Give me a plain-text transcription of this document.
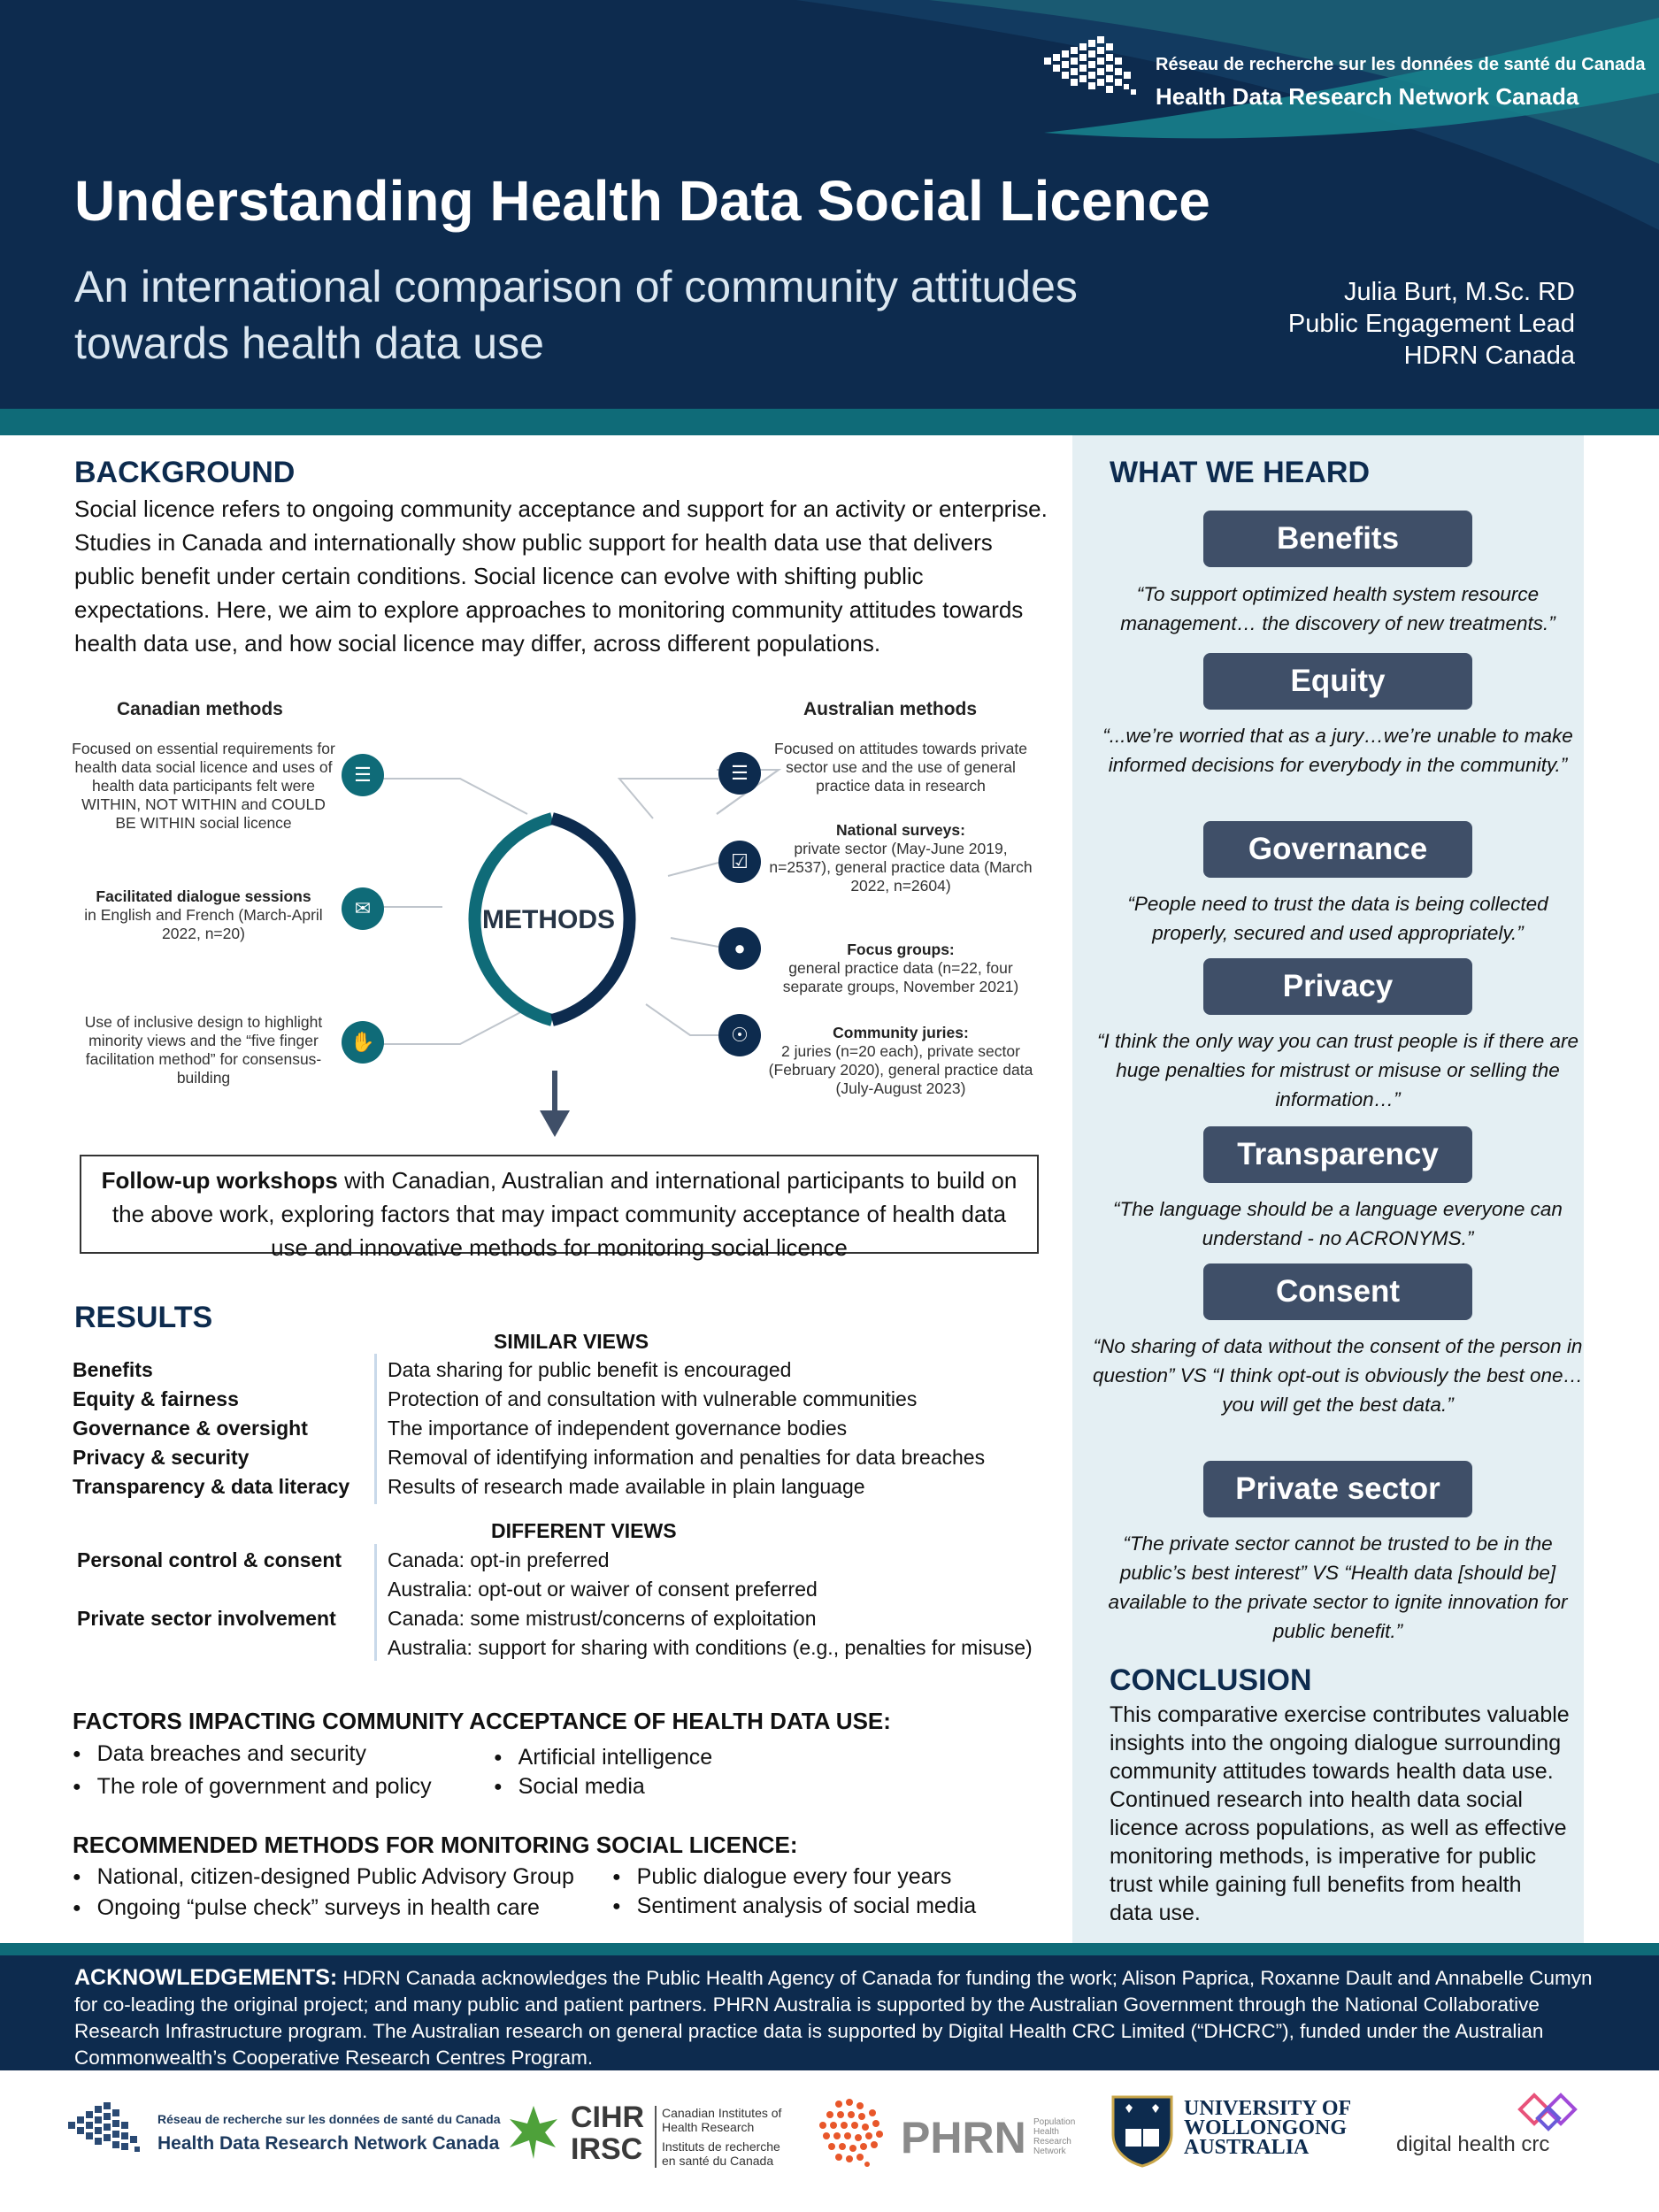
Réseau de recherche sur les données de santé du Canada
Health Data Research Network Canada
Understanding Health Data Social Licence
An international comparison of community attitudes towards health data use
Julia Burt, M.Sc. RD
Public Engagement Lead
HDRN Canada
BACKGROUND
Social licence refers to ongoing community acceptance and support for an activity or enterprise. Studies in Canada and internationally show public support for health data use that delivers public benefit under certain conditions. Social licence can evolve with shifting public expectations. Here, we aim to explore approaches to monitoring community attitudes towards health data use, and how social licence may differ, across different populations.
METHODS
Canadian methods	Australian methods
Focused on essential requirements for health data social licence and uses of health data participants felt were WITHIN, NOT WITHIN and COULD BE WITHIN social licence
☰
Facilitated dialogue sessions
in English and French (March-April 2022, n=20)
✉
Use of inclusive design to highlight minority views and the “five finger facilitation method” for consensus-building
✋
☰
Focused on attitudes towards private sector use and the use of general practice data in research
☑
National surveys:
private sector (May-June 2019, n=2537), general practice data (March 2022, n=2604)
●	Focus groups:
general practice data (n=22, four separate groups, November 2021)
☉	Community juries:
2 juries (n=20 each), private sector (February 2020), general practice data (July-August 2023)
Follow-up workshops with Canadian, Australian and international participants to build on the above work, exploring factors that may impact community acceptance of health data use and innovative methods for monitoring social licence
RESULTS
SIMILAR VIEWS
Benefits	Data sharing for public benefit is encouraged
Equity & fairness	Protection of and consultation with vulnerable communities
Governance & oversight	The importance of independent governance bodies
Privacy & security	Removal of identifying information and penalties for data breaches
Transparency & data literacy Results of research made available in plain language
DIFFERENT VIEWS
Personal control & consent Canada: opt-in preferred
Australia: opt-out or waiver of consent preferred
Private sector involvement	Canada: some mistrust/concerns of exploitation
Australia: support for sharing with conditions (e.g., penalties for misuse)
FACTORS IMPACTING COMMUNITY ACCEPTANCE OF HEALTH DATA USE:
● Data breaches and security
● The role of government and policy
● Artificial intelligence
● Social media
RECOMMENDED METHODS FOR MONITORING SOCIAL LICENCE:
● National, citizen-designed Public Advisory Group
● Ongoing “pulse check” surveys in health care
● Public dialogue every four years
● Sentiment analysis of social media
WHAT WE HEARD
Benefits
“To support optimized health system resource management… the discovery of new treatments.”
Equity
“...we’re worried that as a jury…we’re unable to make informed decisions for everybody in the community.”
Governance
“People need to trust the data is being collected properly, secured and used appropriately.”
Privacy
“I think the only way you can trust people is if there are huge penalties for mistrust or misuse or selling the information…”
Transparency
“The language should be a language everyone can understand - no ACRONYMS.”
Consent
“No sharing of data without the consent of the person in question” VS “I think opt-out is obviously the best one… you will get the best data.”
Private sector
“The private sector cannot be trusted to be in the public’s best interest” VS “Health data [should be] available to the private sector to ignite innovation for public benefit.”
CONCLUSION
This comparative exercise contributes valuable insights into the ongoing dialogue surrounding community attitudes towards health data use. Continued research into health data social licence across populations, as well as effective monitoring methods, is imperative for public trust while gaining full benefits from health data use.
ACKNOWLEDGEMENTS: HDRN Canada acknowledges the Public Health Agency of Canada for funding the work; Alison Paprica, Roxanne Dault and Annabelle Cumyn for co-leading the original project; and many public and patient partners. PHRN Australia is supported by the Australian Government through the National Collaborative Research Infrastructure program. The Australian research on general practice data is supported by Digital Health CRC Limited (“DHCRC”), funded under the Australian Commonwealth’s Cooperative Research Centres Program.
Réseau de recherche sur les données de santé du Canada
Health Data Research Network Canada
CIHR
IRSC
Canadian Institutes of Health Research
Instituts de recherche en santé du Canada	PHRN Population Health Research Network
UNIVERSITY OF WOLLONGONG AUSTRALIA	digital health crc
